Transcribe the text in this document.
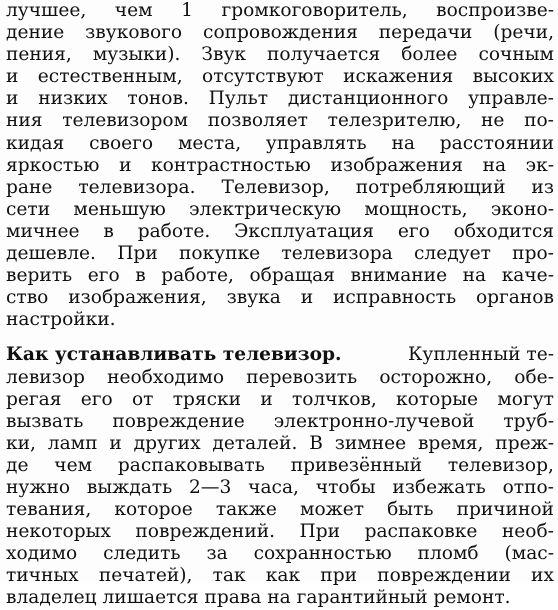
лучшее, чем 1 громкоговоритель, воспроизве-
дение звукового сопровождения передачи (речи,
пения, музыки). Звук получается более сочным
и естественным, отсутствуют искажения высоких
и низких тонов. Пульт дистанционного управле-
ния телевизором позволяет телезрителю, не по-
кидая своего места, управлять на расстоянии
яркостью и контрастностью изображения на эк-
ране телевизора. Телевизор, потребляющий из
сети меньшую электрическую мощность, эконо-
мичнее в работе. Эксплуатация его обходится
дешевле. При покупке телевизора следует про-
верить его в работе, обращая внимание на каче-
ство изображения, звука и исправность органов
настройки.
Как устанавливать телевизор.	Купленный те-
левизор необходимо перевозить осторожно, обе-
регая его от тряски и толчков, которые могут
вызвать повреждение электронно-лучевой труб-
ки, ламп и других деталей. В зимнее время, преж-
де чем распаковывать привезённый телевизор,
нужно выждать 2—3 часа, чтобы избежать отпо-
тевания, которое также может быть причиной
некоторых повреждений. При распаковке необ-
ходимо следить за сохранностью пломб (мас-
тичных печатей), так как при повреждении их
владелец лишается права на гарантийный ремонт.
